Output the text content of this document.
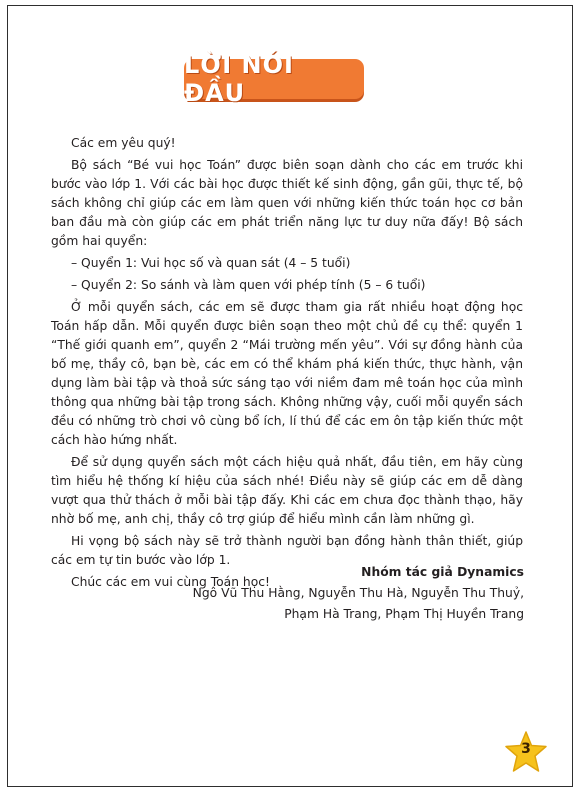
LỜI NÓI ĐẦU

Các em yêu quý!

Bộ sách “Bé vui học Toán” được biên soạn dành cho các em trước khi bước vào lớp 1. Với các bài học được thiết kế sinh động, gần gũi, thực tế, bộ sách không chỉ giúp các em làm quen với những kiến thức toán học cơ bản ban đầu mà còn giúp các em phát triển năng lực tư duy nữa đấy! Bộ sách gồm hai quyển:

– Quyển 1: Vui học số và quan sát (4 – 5 tuổi)

– Quyển 2: So sánh và làm quen với phép tính (5 – 6 tuổi)

Ở mỗi quyển sách, các em sẽ được tham gia rất nhiều hoạt động học Toán hấp dẫn. Mỗi quyển được biên soạn theo một chủ đề cụ thể: quyển 1 “Thế giới quanh em”, quyển 2 “Mái trường mến yêu”. Với sự đồng hành của bố mẹ, thầy cô, bạn bè, các em có thể khám phá kiến thức, thực hành, vận dụng làm bài tập và thoả sức sáng tạo với niềm đam mê toán học của mình thông qua những bài tập trong sách. Không những vậy, cuối mỗi quyển sách đều có những trò chơi vô cùng bổ ích, lí thú để các em ôn tập kiến thức một cách hào hứng nhất.

Để sử dụng quyển sách một cách hiệu quả nhất, đầu tiên, em hãy cùng tìm hiểu hệ thống kí hiệu của sách nhé! Điều này sẽ giúp các em dễ dàng vượt qua thử thách ở mỗi bài tập đấy. Khi các em chưa đọc thành thạo, hãy nhờ bố mẹ, anh chị, thầy cô trợ giúp để hiểu mình cần làm những gì.

Hi vọng bộ sách này sẽ trở thành người bạn đồng hành thân thiết, giúp các em tự tin bước vào lớp 1.

Chúc các em vui cùng Toán học!

Nhóm tác giả Dynamics
Ngô Vũ Thu Hằng, Nguyễn Thu Hà, Nguyễn Thu Thuỷ,
Phạm Hà Trang, Phạm Thị Huyền Trang
3
